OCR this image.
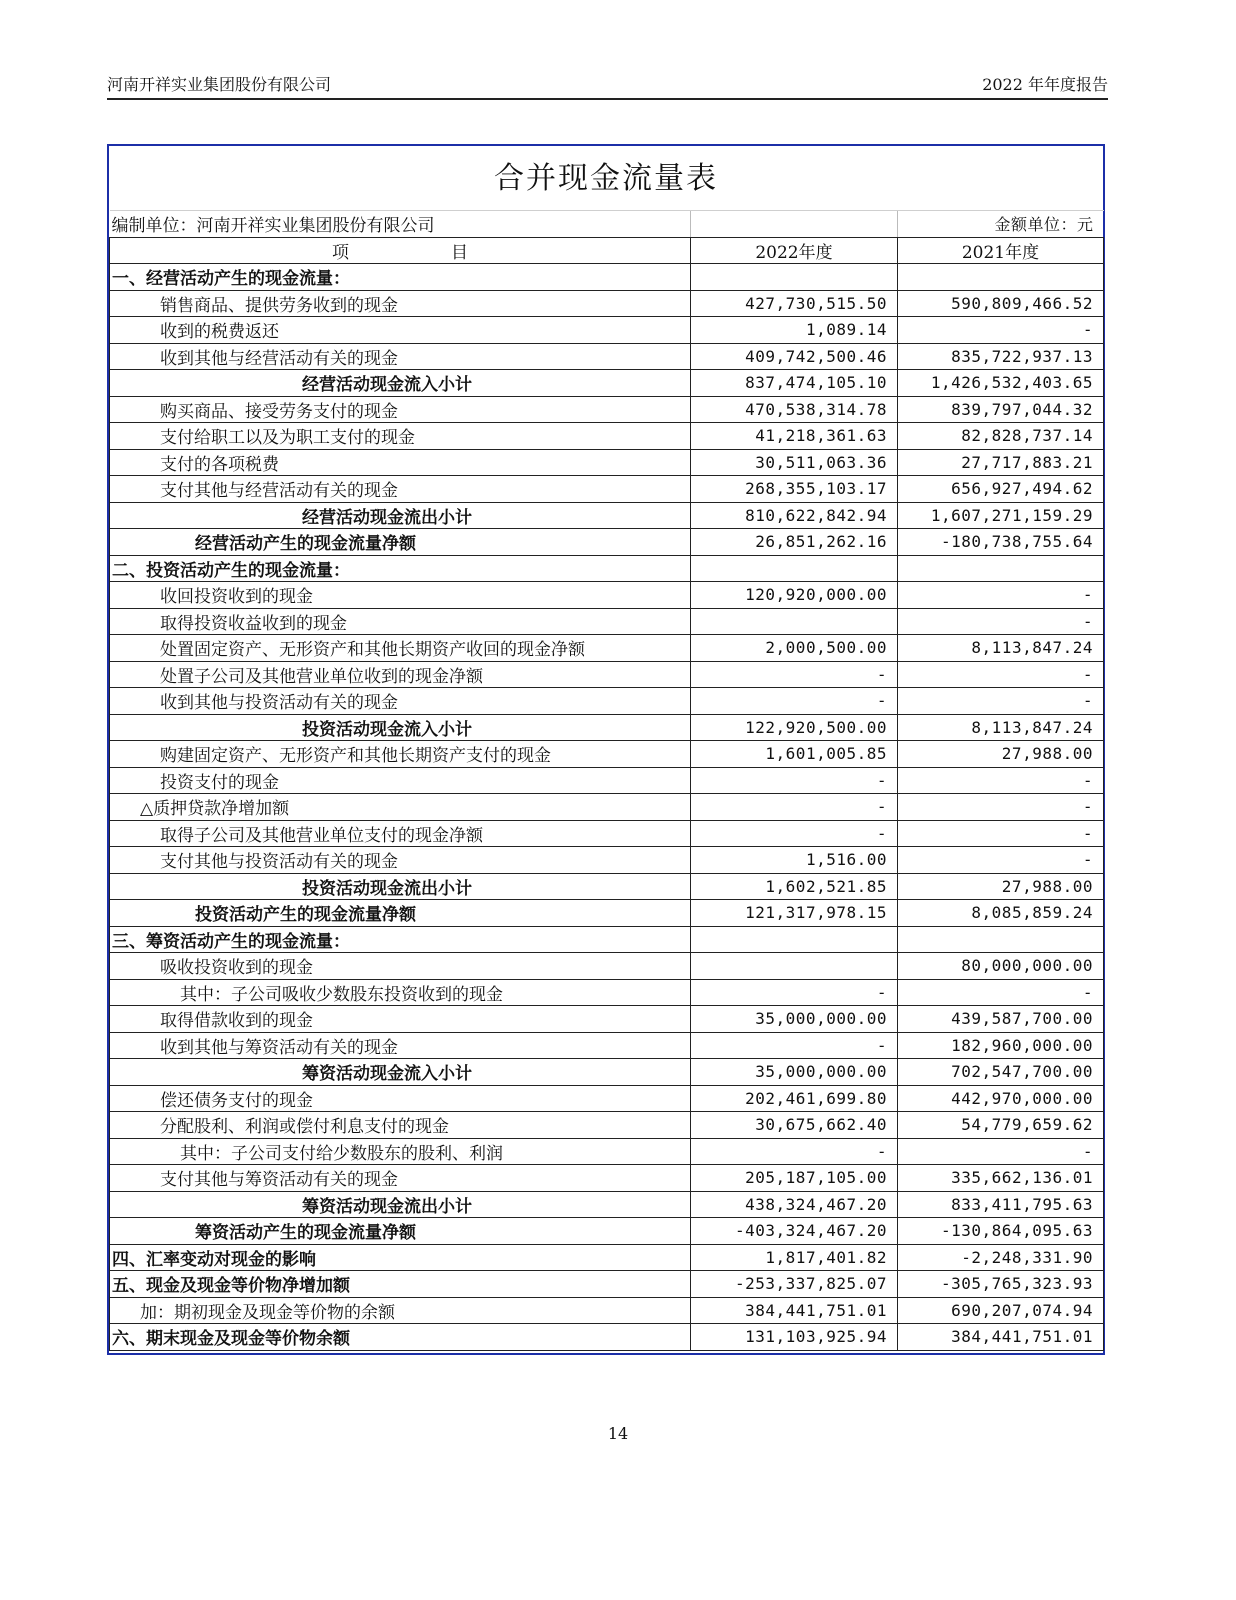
河南开祥实业集团股份有限公司	2022 年年度报告
合并现金流量表
编制单位：河南开祥实业集团股份有限公司		金额单位：元
项　　　　　　目	2022年度	2021年度
一、经营活动产生的现金流量：		
销售商品、提供劳务收到的现金	427,730,515.50	590,809,466.52
收到的税费返还	1,089.14	-
收到其他与经营活动有关的现金	409,742,500.46	835,722,937.13
经营活动现金流入小计	837,474,105.10	1,426,532,403.65
购买商品、接受劳务支付的现金	470,538,314.78	839,797,044.32
支付给职工以及为职工支付的现金	41,218,361.63	82,828,737.14
支付的各项税费	30,511,063.36	27,717,883.21
支付其他与经营活动有关的现金	268,355,103.17	656,927,494.62
经营活动现金流出小计	810,622,842.94	1,607,271,159.29
经营活动产生的现金流量净额	26,851,262.16	-180,738,755.64
二、投资活动产生的现金流量：		
收回投资收到的现金	120,920,000.00	-
取得投资收益收到的现金		-
处置固定资产、无形资产和其他长期资产收回的现金净额	2,000,500.00	8,113,847.24
处置子公司及其他营业单位收到的现金净额	-	-
收到其他与投资活动有关的现金	-	-
投资活动现金流入小计	122,920,500.00	8,113,847.24
购建固定资产、无形资产和其他长期资产支付的现金	1,601,005.85	27,988.00
投资支付的现金	-	-
△质押贷款净增加额	-	-
取得子公司及其他营业单位支付的现金净额	-	-
支付其他与投资活动有关的现金	1,516.00	-
投资活动现金流出小计	1,602,521.85	27,988.00
投资活动产生的现金流量净额	121,317,978.15	8,085,859.24
三、筹资活动产生的现金流量：		
吸收投资收到的现金		80,000,000.00
其中：子公司吸收少数股东投资收到的现金	-	-
取得借款收到的现金	35,000,000.00	439,587,700.00
收到其他与筹资活动有关的现金	-	182,960,000.00
筹资活动现金流入小计	35,000,000.00	702,547,700.00
偿还债务支付的现金	202,461,699.80	442,970,000.00
分配股利、利润或偿付利息支付的现金	30,675,662.40	54,779,659.62
其中：子公司支付给少数股东的股利、利润	-	-
支付其他与筹资活动有关的现金	205,187,105.00	335,662,136.01
筹资活动现金流出小计	438,324,467.20	833,411,795.63
筹资活动产生的现金流量净额	-403,324,467.20	-130,864,095.63
四、汇率变动对现金的影响	1,817,401.82	-2,248,331.90
五、现金及现金等价物净增加额	-253,337,825.07	-305,765,323.93
加：期初现金及现金等价物的余额	384,441,751.01	690,207,074.94
六、期末现金及现金等价物余额	131,103,925.94	384,441,751.01
14
